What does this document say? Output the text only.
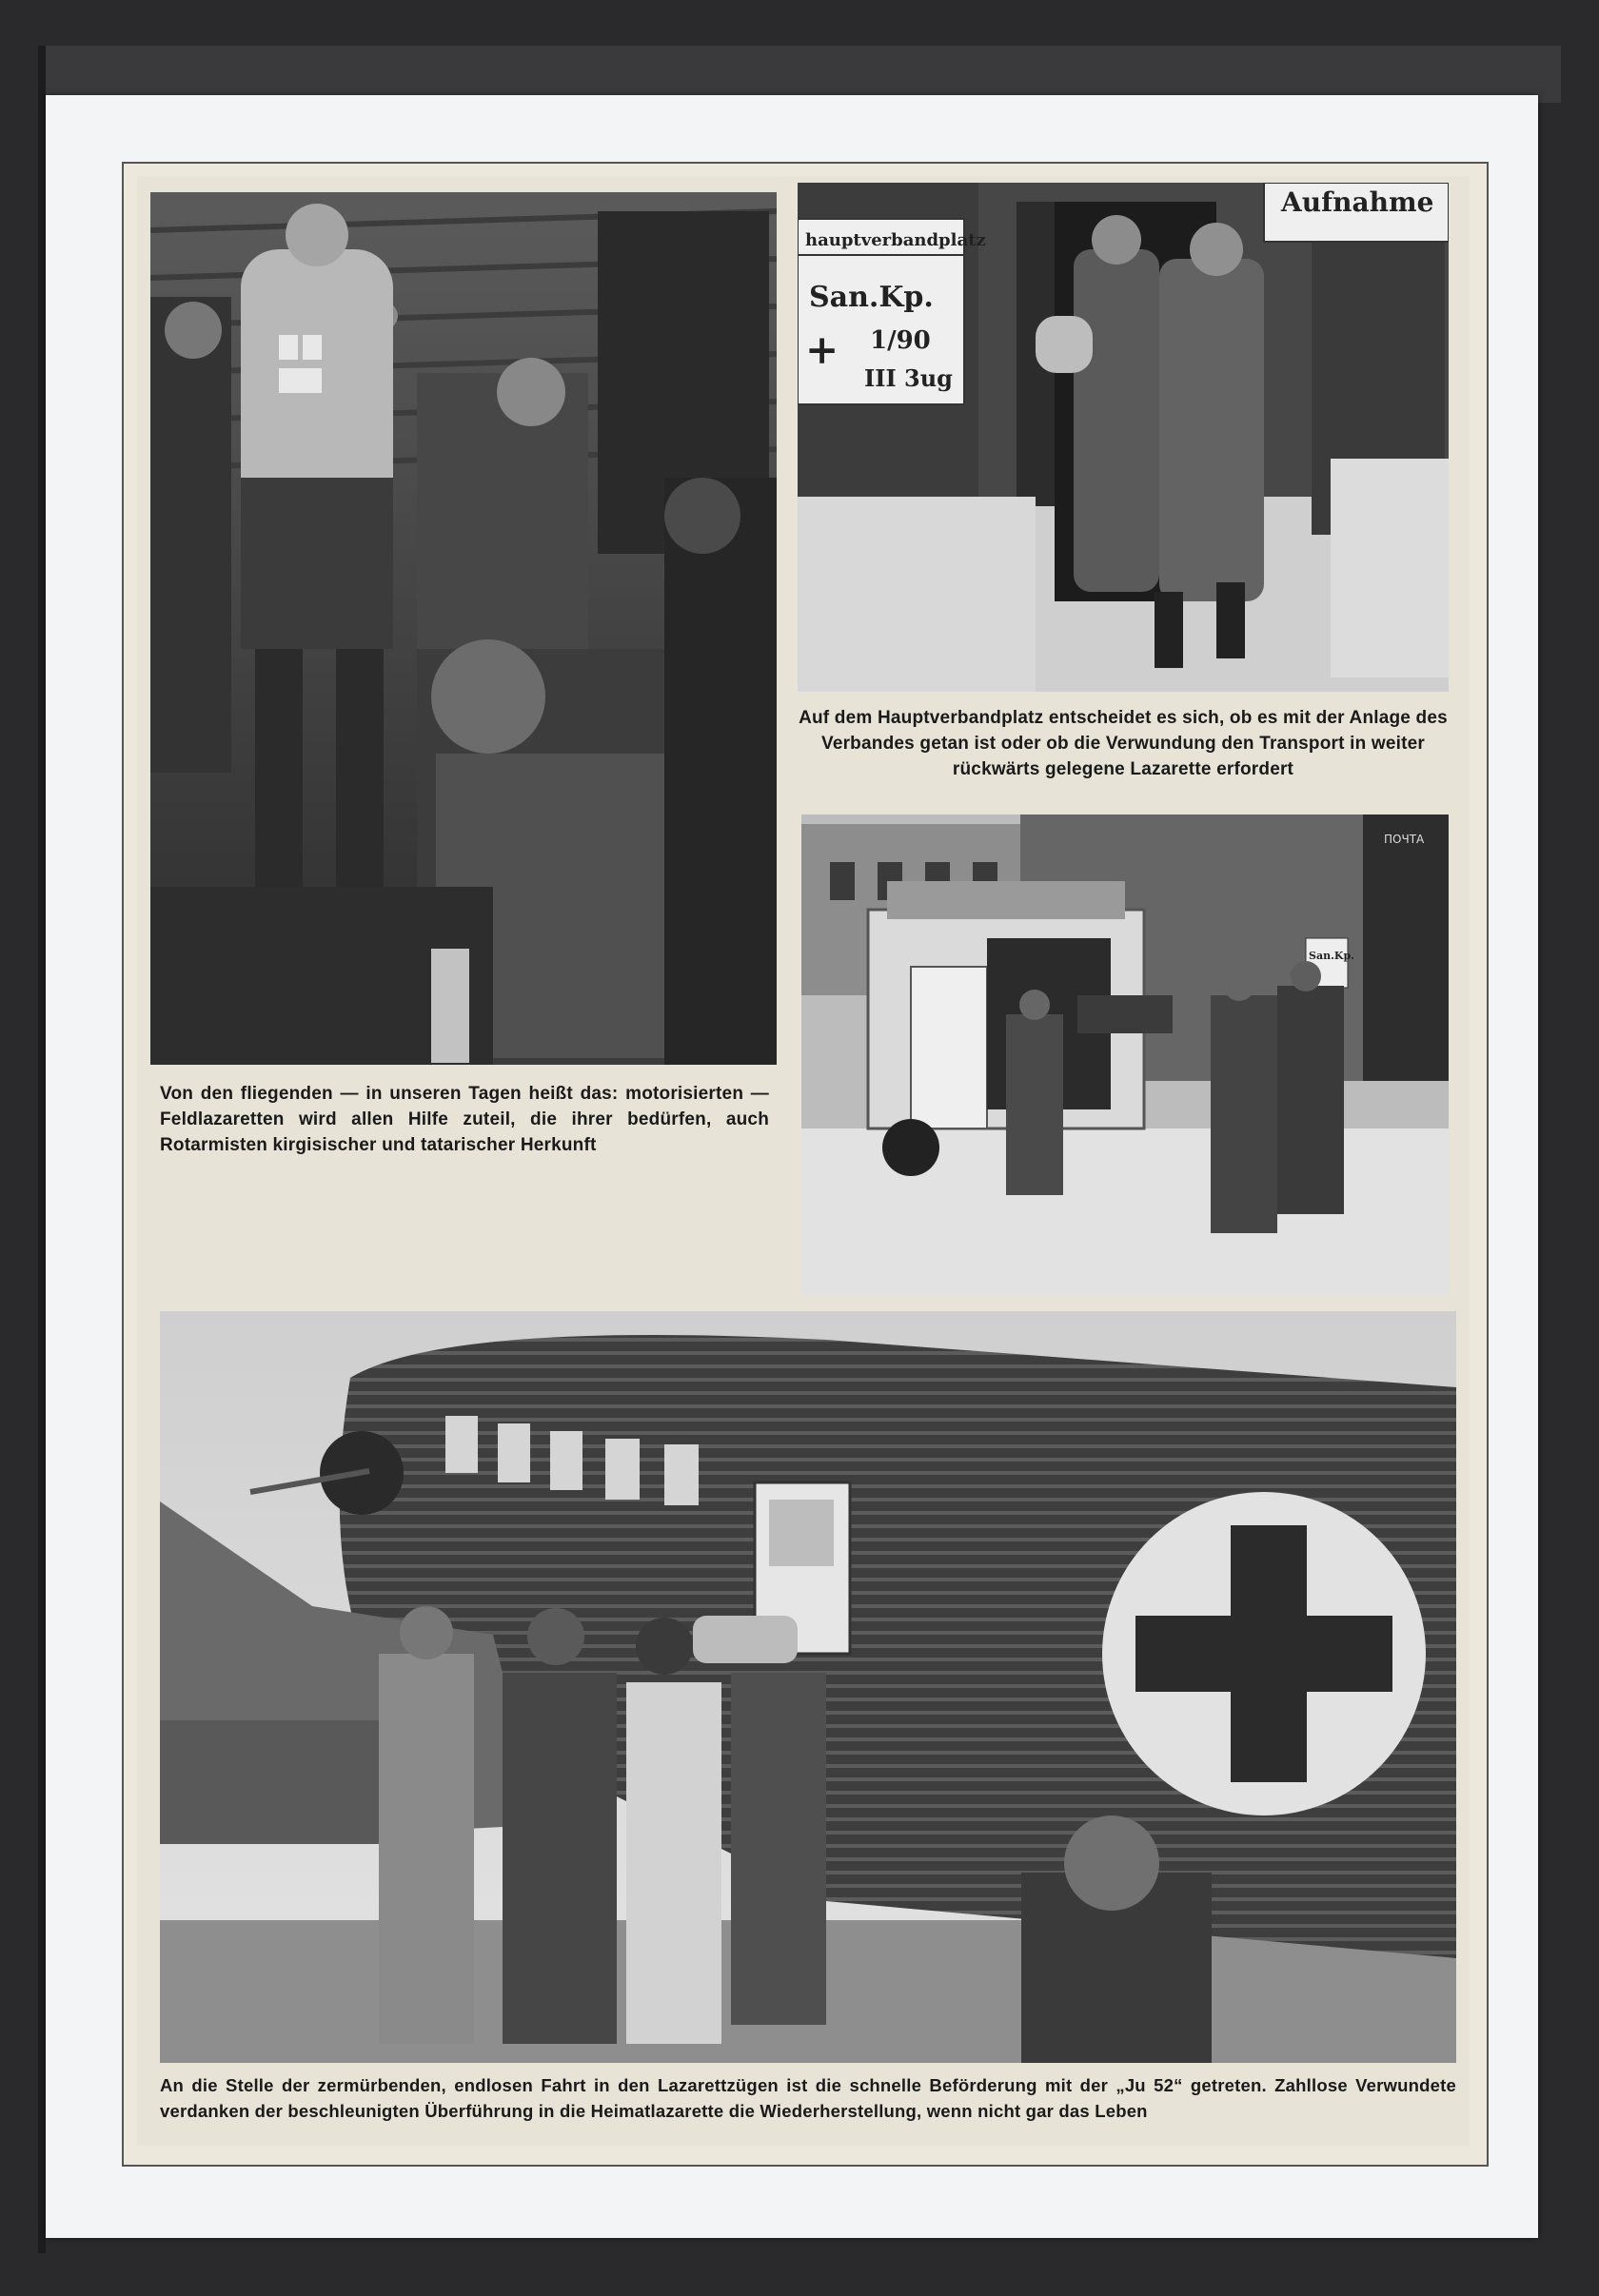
Von den fliegenden — in unseren Tagen heißt das: motorisierten — Feldlazaretten wird allen Hilfe zuteil, die ihrer bedürfen, auch Rotarmisten kirgisischer und tatarischer Herkunft
hauptverbandplatz
San.Kp.
+ 1/90
III 3ug
Aufnahme
Auf dem Hauptverbandplatz entscheidet es sich, ob es mit der Anlage des Verbandes getan ist oder ob die Verwundung den Transport in weiter rückwärts gelegene Lazarette erfordert
ПОЧТА
San.Kp.
An die Stelle der zermürbenden, endlosen Fahrt in den Lazarettzügen ist die schnelle Beförderung mit der „Ju 52“ getreten. Zahllose Verwundete verdanken der beschleunigten Überführung in die Heimatlazarette die Wiederherstellung, wenn nicht gar das Leben
